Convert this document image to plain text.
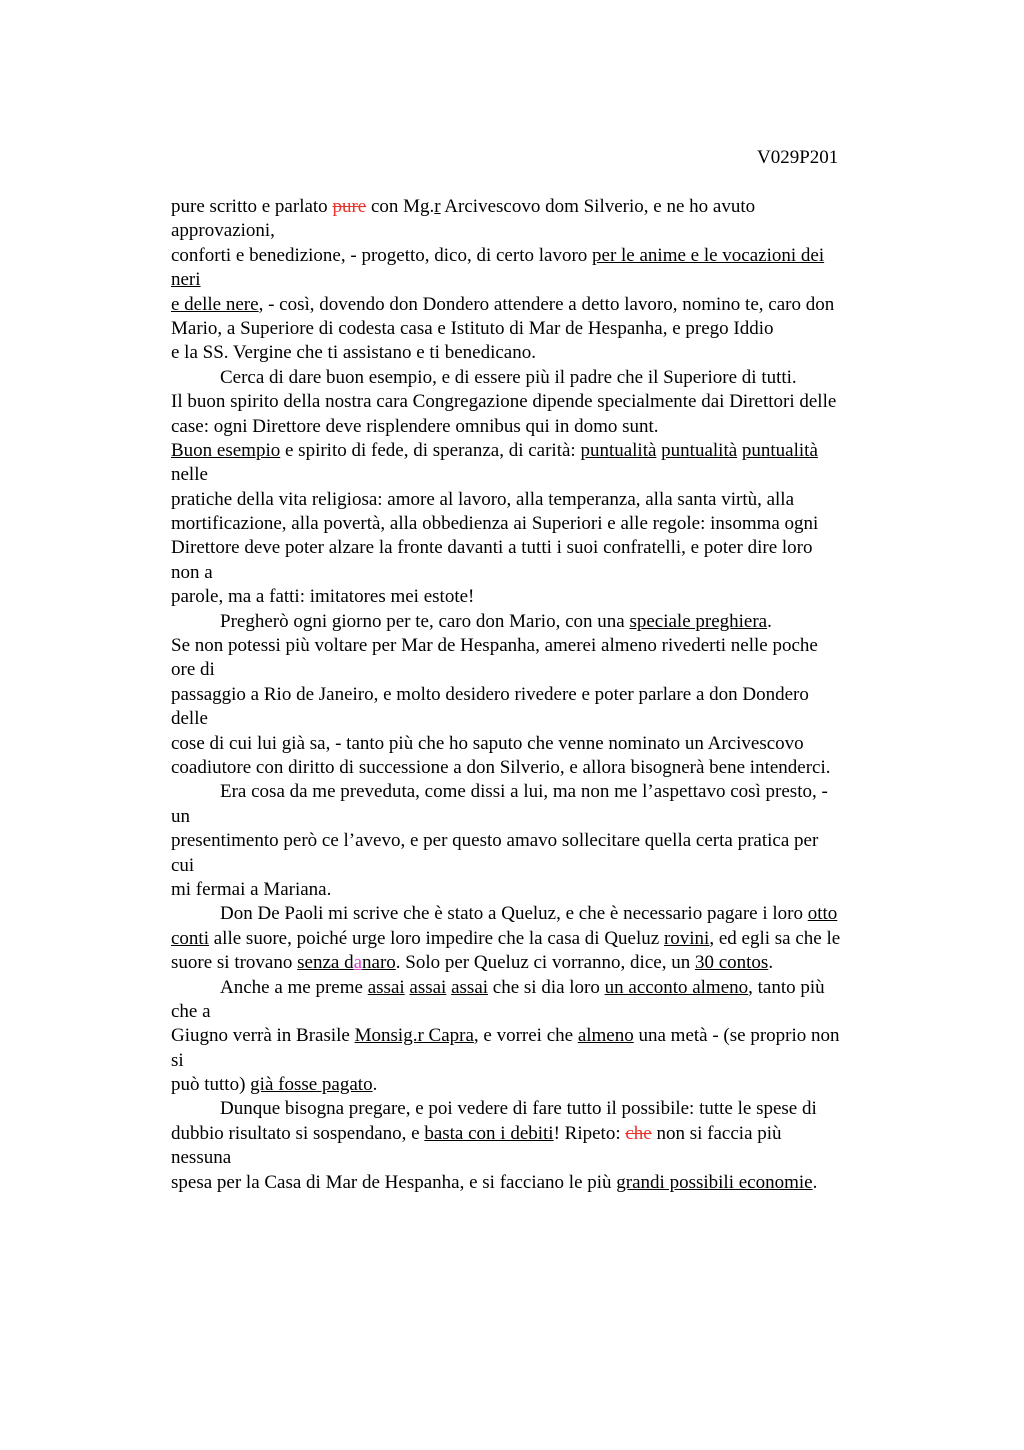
V029P201
pure scritto e parlato pure con Mg.r Arcivescovo dom Silverio, e ne ho avuto
approvazioni,
conforti e benedizione, - progetto, dico, di certo lavoro per le anime e le vocazioni dei
neri
e delle nere, - così, dovendo don Dondero attendere a detto lavoro, nomino te, caro don
Mario, a Superiore di codesta casa e Istituto di Mar de Hespanha, e prego Iddio
e la SS. Vergine che ti assistano e ti benedicano.
Cerca di dare buon esempio, e di essere più il padre che il Superiore di tutti.
Il buon spirito della nostra cara Congregazione dipende specialmente dai Direttori delle
case: ogni Direttore deve risplendere omnibus qui in domo sunt.
Buon esempio e spirito di fede, di speranza, di carità: puntualità puntualità puntualità
nelle
pratiche della vita religiosa: amore al lavoro, alla temperanza, alla santa virtù, alla
mortificazione, alla povertà, alla obbedienza ai Superiori e alle regole: insomma ogni
Direttore deve poter alzare la fronte davanti a tutti i suoi confratelli, e poter dire loro
non a
parole, ma a fatti: imitatores mei estote!
Pregherò ogni giorno per te, caro don Mario, con una speciale preghiera.
Se non potessi più voltare per Mar de Hespanha, amerei almeno rivederti nelle poche
ore di
passaggio a Rio de Janeiro, e molto desidero rivedere e poter parlare a don Dondero
delle
cose di cui lui già sa, - tanto più che ho saputo che venne nominato un Arcivescovo
coadiutore con diritto di successione a don Silverio, e allora bisognerà bene intenderci.
Era cosa da me preveduta, come dissi a lui, ma non me l’aspettavo così presto, -
un
presentimento però ce l’avevo, e per questo amavo sollecitare quella certa pratica per
cui
mi fermai a Mariana.
Don De Paoli mi scrive che è stato a Queluz, e che è necessario pagare i loro otto
conti alle suore, poiché urge loro impedire che la casa di Queluz rovini, ed egli sa che le
suore si trovano senza danaro. Solo per Queluz ci vorranno, dice, un 30 contos.
Anche a me preme assai assai assai che si dia loro un acconto almeno, tanto più
che a
Giugno verrà in Brasile Monsig.r Capra, e vorrei che almeno una metà - (se proprio non
si
può tutto) già fosse pagato.
Dunque bisogna pregare, e poi vedere di fare tutto il possibile: tutte le spese di
dubbio risultato si sospendano, e basta con i debiti! Ripeto: che non si faccia più
nessuna
spesa per la Casa di Mar de Hespanha, e si facciano le più grandi possibili economie.
